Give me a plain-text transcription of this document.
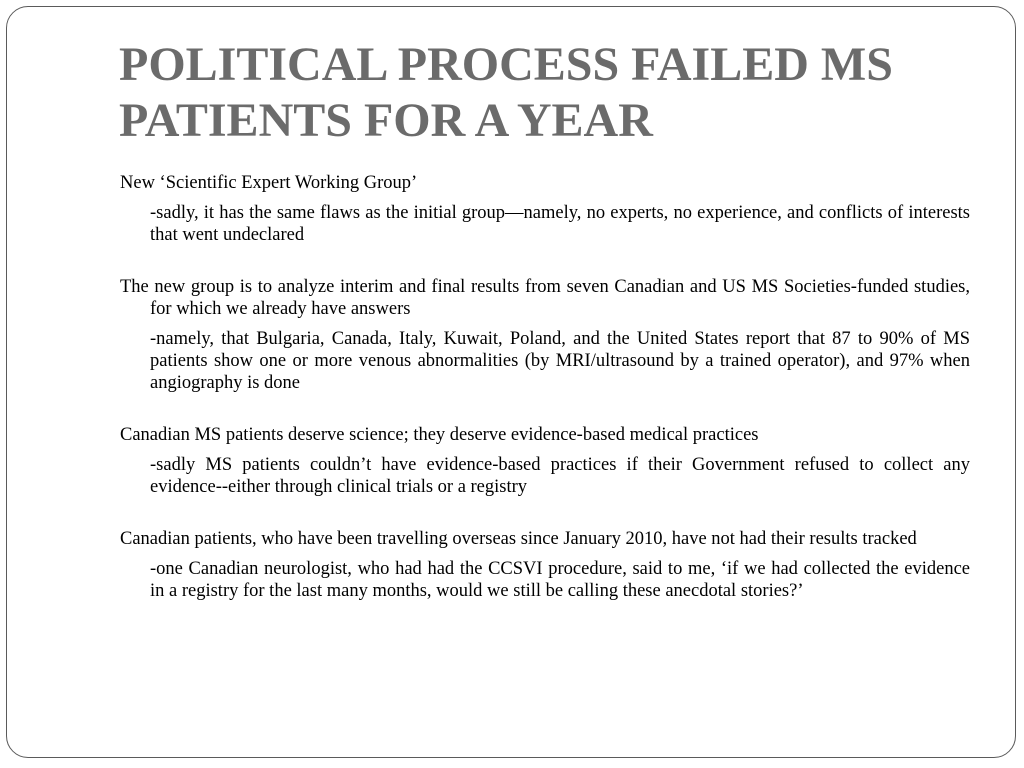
POLITICAL PROCESS FAILED MS PATIENTS FOR A YEAR

New ‘Scientific Expert Working Group’

-sadly, it has the same flaws as the initial group—namely, no experts, no experience, and conflicts of interests that went undeclared

The new group is to analyze interim and final results from seven Canadian and US MS Societies-funded studies, for which we already have answers

-namely, that Bulgaria, Canada, Italy, Kuwait, Poland, and the United States report that 87 to 90% of MS patients show one or more venous abnormalities (by MRI/ultrasound by a trained operator), and 97% when angiography is done

Canadian MS patients deserve science; they deserve evidence-based medical practices

-sadly MS patients couldn’t have evidence-based practices if their Government refused to collect any evidence--either through clinical trials or a registry

Canadian patients, who have been travelling overseas since January 2010, have not had their results tracked

-one Canadian neurologist, who had had the CCSVI procedure, said to me, ‘if we had collected the evidence in a registry for the last many months, would we still be calling these anecdotal stories?’
